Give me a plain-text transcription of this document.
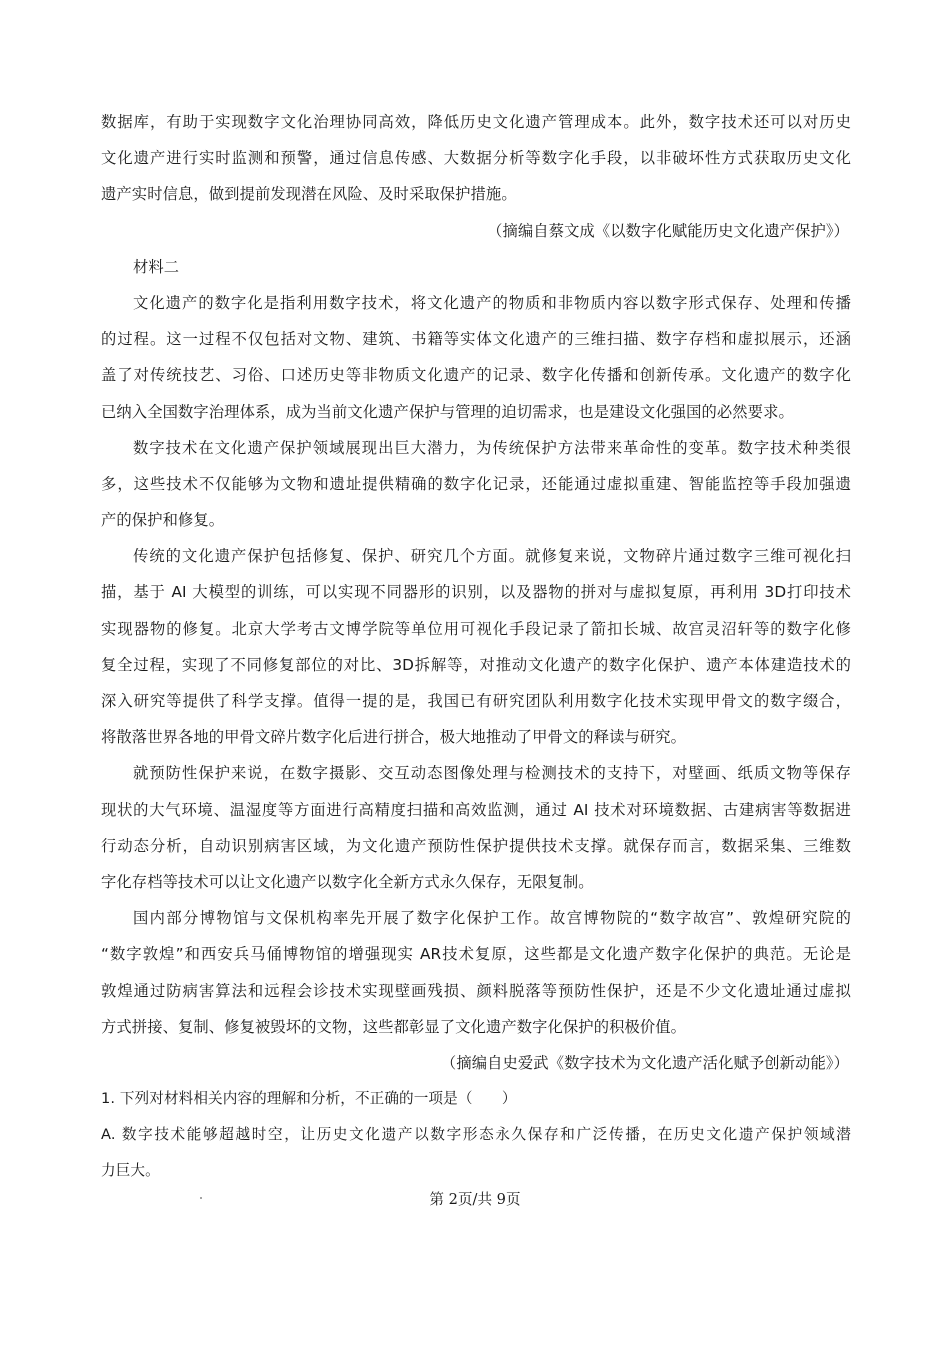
数据库，有助于实现数字文化治理协同高效，降低历史文化遗产管理成本。此外，数字技术还可以对历史
文化遗产进行实时监测和预警，通过信息传感、大数据分析等数字化手段，以非破坏性方式获取历史文化
遗产实时信息，做到提前发现潜在风险、及时采取保护措施。
（摘编自蔡文成《以数字化赋能历史文化遗产保护》）
材料二
文化遗产的数字化是指利用数字技术，将文化遗产的物质和非物质内容以数字形式保存、处理和传播
的过程。这一过程不仅包括对文物、建筑、书籍等实体文化遗产的三维扫描、数字存档和虚拟展示，还涵
盖了对传统技艺、习俗、口述历史等非物质文化遗产的记录、数字化传播和创新传承。文化遗产的数字化
已纳入全国数字治理体系，成为当前文化遗产保护与管理的迫切需求，也是建设文化强国的必然要求。
数字技术在文化遗产保护领域展现出巨大潜力，为传统保护方法带来革命性的变革。数字技术种类很
多，这些技术不仅能够为文物和遗址提供精确的数字化记录，还能通过虚拟重建、智能监控等手段加强遗
产的保护和修复。
传统的文化遗产保护包括修复、保护、研究几个方面。就修复来说，文物碎片通过数字三维可视化扫
描，基于 AI 大模型的训练，可以实现不同器形的识别，以及器物的拼对与虚拟复原，再利用 3D打印技术
实现器物的修复。北京大学考古文博学院等单位用可视化手段记录了箭扣长城、故宫灵沼轩等的数字化修
复全过程，实现了不同修复部位的对比、3D拆解等，对推动文化遗产的数字化保护、遗产本体建造技术的
深入研究等提供了科学支撑。值得一提的是，我国已有研究团队利用数字化技术实现甲骨文的数字缀合，
将散落世界各地的甲骨文碎片数字化后进行拼合，极大地推动了甲骨文的释读与研究。
就预防性保护来说，在数字摄影、交互动态图像处理与检测技术的支持下，对壁画、纸质文物等保存
现状的大气环境、温湿度等方面进行高精度扫描和高效监测，通过 AI 技术对环境数据、古建病害等数据进
行动态分析，自动识别病害区域，为文化遗产预防性保护提供技术支撑。就保存而言，数据采集、三维数
字化存档等技术可以让文化遗产以数字化全新方式永久保存，无限复制。
国内部分博物馆与文保机构率先开展了数字化保护工作。故宫博物院的“数字故宫”、敦煌研究院的
“数字敦煌”和西安兵马俑博物馆的增强现实 AR技术复原，这些都是文化遗产数字化保护的典范。无论是
敦煌通过防病害算法和远程会诊技术实现壁画残损、颜料脱落等预防性保护，还是不少文化遗址通过虚拟
方式拼接、复制、修复被毁坏的文物，这些都彰显了文化遗产数字化保护的积极价值。
（摘编自史爱武《数字技术为文化遗产活化赋予创新动能》）
1. 下列对材料相关内容的理解和分析，不正确的一项是（　　）
A. 数字技术能够超越时空，让历史文化遗产以数字形态永久保存和广泛传播，在历史文化遗产保护领域潜
力巨大。
第 2页/共 9页
